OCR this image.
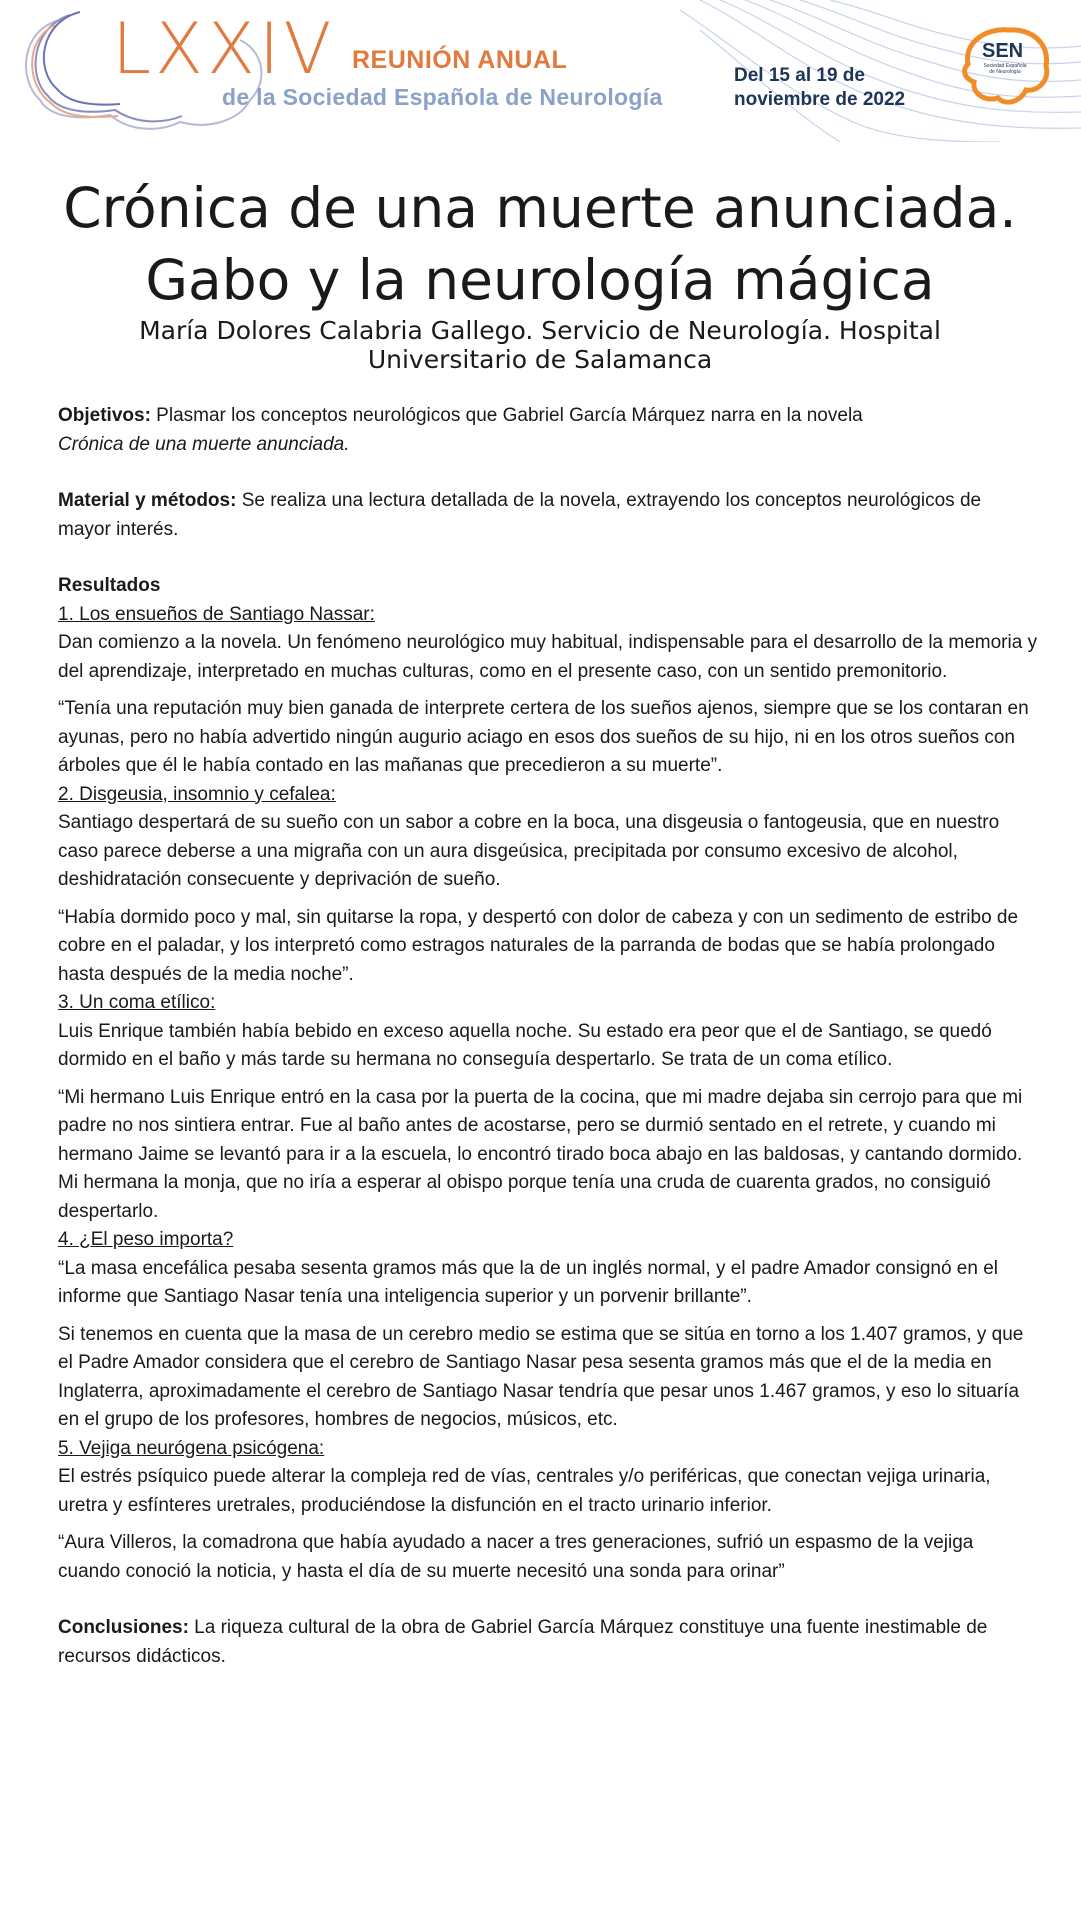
LXXIV REUNIÓN ANUAL
de la Sociedad Española de Neurología
Del 15 al 19 de
noviembre de 2022
SEN
Sociedad Española de Neurología
Crónica de una muerte anunciada.
Gabo y la neurología mágica
María Dolores Calabria Gallego. Servicio de Neurología. Hospital
Universitario de Salamanca

Objetivos: Plasmar los conceptos neurológicos que Gabriel García Márquez narra en la novela
Crónica de una muerte anunciada.

Material y métodos: Se realiza una lectura detallada de la novela, extrayendo los conceptos neurológicos de mayor interés.

Resultados

1. Los ensueños de Santiago Nassar:

Dan comienzo a la novela. Un fenómeno neurológico muy habitual, indispensable para el desarrollo de la memoria y del aprendizaje, interpretado en muchas culturas, como en el presente caso, con un sentido premonitorio.

“Tenía una reputación muy bien ganada de interprete certera de los sueños ajenos, siempre que se los contaran en ayunas, pero no había advertido ningún augurio aciago en esos dos sueños de su hijo, ni en los otros sueños con árboles que él le había contado en las mañanas que precedieron a su muerte”.

2. Disgeusia, insomnio y cefalea:

Santiago despertará de su sueño con un sabor a cobre en la boca, una disgeusia o fantogeusia, que en nuestro caso parece deberse a una migraña con un aura disgeúsica, precipitada por consumo excesivo de alcohol, deshidratación consecuente y deprivación de sueño.

“Había dormido poco y mal, sin quitarse la ropa, y despertó con dolor de cabeza y con un sedimento de estribo de cobre en el paladar, y los interpretó como estragos naturales de la parranda de bodas que se había prolongado hasta después de la media noche”.

3. Un coma etílico:

Luis Enrique también había bebido en exceso aquella noche. Su estado era peor que el de Santiago, se quedó dormido en el baño y más tarde su hermana no conseguía despertarlo. Se trata de un coma etílico.

“Mi hermano Luis Enrique entró en la casa por la puerta de la cocina, que mi madre dejaba sin cerrojo para que mi padre no nos sintiera entrar. Fue al baño antes de acostarse, pero se durmió sentado en el retrete, y cuando mi hermano Jaime se levantó para ir a la escuela, lo encontró tirado boca abajo en las baldosas, y cantando dormido. Mi hermana la monja, que no iría a esperar al obispo porque tenía una cruda de cuarenta grados, no consiguió despertarlo.

4. ¿El peso importa?

“La masa encefálica pesaba sesenta gramos más que la de un inglés normal, y el padre Amador consignó en el informe que Santiago Nasar tenía una inteligencia superior y un porvenir brillante”.

Si tenemos en cuenta que la masa de un cerebro medio se estima que se sitúa en torno a los 1.407 gramos, y que el Padre Amador considera que el cerebro de Santiago Nasar pesa sesenta gramos más que el de la media en Inglaterra, aproximadamente el cerebro de Santiago Nasar tendría que pesar unos 1.467 gramos, y eso lo situaría en el grupo de los profesores, hombres de negocios, músicos, etc.

5. Vejiga neurógena psicógena:

El estrés psíquico puede alterar la compleja red de vías, centrales y/o periféricas, que conectan vejiga urinaria, uretra y esfínteres uretrales, produciéndose la disfunción en el tracto urinario inferior.

“Aura Villeros, la comadrona que había ayudado a nacer a tres generaciones, sufrió un espasmo de la vejiga cuando conoció la noticia, y hasta el día de su muerte necesitó una sonda para orinar”

Conclusiones: La riqueza cultural de la obra de Gabriel García Márquez constituye una fuente inestimable de recursos didácticos.
